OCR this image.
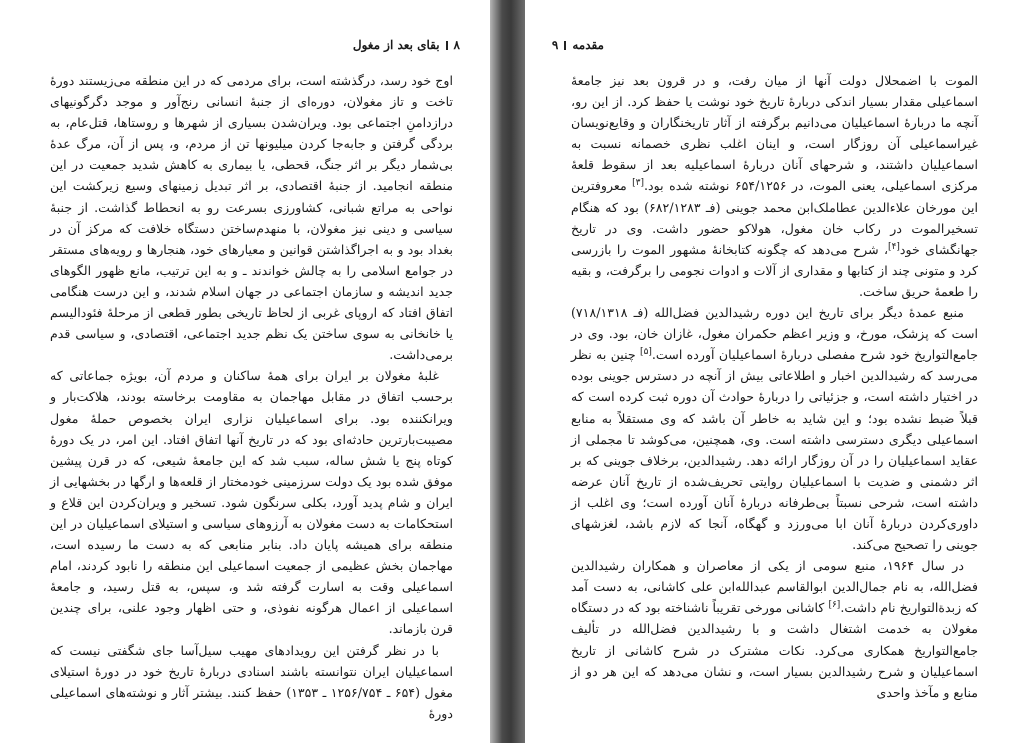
۸
بقای بعد از مغول

اوج خود رسد، درگذشته است، برای مردمی که در این منطقه می‌زیستند دورهٔ تاخت و تاز مغولان، دوره‌ای از جنبهٔ انسانی رنج‌آور و موجد دگرگونیهای درازدامنِ اجتماعی بود. ویران‌شدن بسیاری از شهرها و روستاها، قتل‌عام، به بردگی گرفتن و جابه‌جا کردن میلیونها تن از مردم، و، پس از آن، مرگ عدهٔ بی‌شمار دیگر بر اثر جنگ، قحطی، یا بیماری به کاهش شدید جمعیت در این منطقه انجامید. از جنبهٔ اقتصادی، بر اثر تبدیل زمینهای وسیع زیرکشت این نواحی به مراتع شبانی، کشاورزی بسرعت رو به انحطاط گذاشت. از جنبهٔ سیاسی و دینی نیز مغولان، با منهدم‌ساختن دستگاه خلافت که مرکز آن در بغداد بود و به اجراگذاشتن قوانین و معیارهای خود، هنجارها و رویه‌های مستقر در جوامع اسلامی را به چالش خواندند ـ و به این ترتیب، مانع ظهور الگوهای جدید اندیشه و سازمان اجتماعی در جهان اسلام شدند، و این درست هنگامی اتفاق افتاد که اروپای غربی از لحاظ تاریخی بطور قطعی از مرحلهٔ فئودالیسم یا خانخانی به سوی ساختن یک نظم جدید اجتماعی، اقتصادی، و سیاسی قدم برمی‌داشت.

غلبهٔ مغولان بر ایران برای همهٔ ساکنان و مردم آن، بویژه جماعاتی که برحسب اتفاق در مقابل مهاجمان به مقاومت برخاسته بودند، هلاکت‌بار و ویرانکننده بود. برای اسماعیلیان نزاری ایران بخصوص حملهٔ مغول مصیبت‌بارترین حادثه‌ای بود که در تاریخ آنها اتفاق افتاد. این امر، در یک دورهٔ کوتاه پنج یا شش ساله، سبب شد که این جامعهٔ شیعی، که در قرن پیشین موفق شده بود یک دولت سرزمینی خودمختار از قلعه‌ها و ارگها در بخشهایی از ایران و شام پدید آورد، بکلی سرنگون شود. تسخیر و ویران‌کردن این قلاع و استحکامات به دست مغولان به آرزوهای سیاسی و استیلای اسماعیلیان در این منطقه برای همیشه پایان داد. بنابر منابعی که به دست ما رسیده است، مهاجمان بخش عظیمی از جمعیت اسماعیلی این منطقه را نابود کردند، امام اسماعیلی وقت به اسارت گرفته شد و، سپس، به قتل رسید، و جامعهٔ اسماعیلی از اعمال هرگونه نفوذی، و حتی اظهار وجود علنی، برای چندین قرن بازماند.

با در نظر گرفتن این رویدادهای مهیب سیل‌آسا جای شگفتی نیست که اسماعیلیان ایران نتوانسته باشند اسنادی دربارهٔ تاریخ خود در دورهٔ استیلای مغول (۶۵۴ ـ ۱۲۵۶/۷۵۴ ـ ۱۳۵۳) حفظ کنند. بیشتر آثار و نوشته‌های اسماعیلی دورهٔ

مقدمه
۹

الموت با اضمحلال دولت آنها از میان رفت، و در قرون بعد نیز جامعهٔ اسماعیلی مقدار بسیار اندکی دربارهٔ تاریخ خود نوشت یا حفظ کرد. از این رو، آنچه ما دربارهٔ اسماعیلیان می‌دانیم برگرفته از آثار تاریخنگاران و وقایع‌نویسان غیراسماعیلی آن روزگار است، و اینان اغلب نظری خصمانه نسبت به اسماعیلیان داشتند، و شرحهای آنان دربارهٔ اسماعیلیه بعد از سقوط قلعهٔ مرکزی اسماعیلی، یعنی الموت، در ۶۵۴/۱۲۵۶ نوشته شده بود.[۳] معروفترین این مورخان علاءالدین عطاملک‌ابن محمد جوینی (فـ ۶۸۲/۱۲۸۳) بود که هنگام تسخیرالموت در رکاب خان مغول، هولاکو حضور داشت. وی در تاریخ جهانگشای خود[۴]، شرح می‌دهد که چگونه کتابخانهٔ مشهور الموت را بازرسی کرد و متونی چند از کتابها و مقداری از آلات و ادوات نجومی را برگرفت، و بقیه را طعمهٔ حریق ساخت.

منبع عمدهٔ دیگر برای تاریخ این دوره رشیدالدین فضل‌الله (فـ ۷۱۸/۱۳۱۸) است که پزشک، مورخ، و وزیر اعظم حکمران مغول، غازان خان، بود. وی در جامع‌التواریخ خود شرح مفصلی دربارهٔ اسماعیلیان آورده است.[۵] چنین به نظر می‌رسد که رشیدالدین اخبار و اطلاعاتی بیش از آنچه در دسترس جوینی بوده در اختیار داشته است، و جزئیاتی را دربارهٔ حوادث آن دوره ثبت کرده است که قبلاً ضبط نشده بود؛ و این شاید به خاطر آن باشد که وی مستقلاً به منابع اسماعیلی دیگری دسترسی داشته است. وی، همچنین، می‌کوشد تا مجملی از عقاید اسماعیلیان را در آن روزگار ارائه دهد. رشیدالدین، برخلاف جوینی که بر اثر دشمنی و ضدیت با اسماعیلیان روایتی تحریف‌شده از تاریخ آنان عرضه داشته است، شرحی نسبتاً بی‌طرفانه دربارهٔ آنان آورده است؛ وی اغلب از داوری‌کردن دربارهٔ آنان ابا می‌ورزد و گهگاه، آنجا که لازم باشد، لغزشهای جوینی را تصحیح می‌کند.

در سال ۱۹۶۴، منبع سومی از یکی از معاصران و همکاران رشیدالدین فضل‌الله، به نام جمال‌الدین ابوالقاسم عبدالله‌ابن علی کاشانی، به دست آمد که زبدةالتواریخ نام داشت.[۶] کاشانی مورخی تقریباً ناشناخته بود که در دستگاه مغولان به خدمت اشتغال داشت و با رشیدالدین فضل‌الله در تألیف جامع‌التواریخ همکاری می‌کرد. نکات مشترک در شرح کاشانی از تاریخ اسماعیلیان و شرح رشیدالدین بسیار است، و نشان می‌دهد که این هر دو از منابع و مآخذ واحدی
